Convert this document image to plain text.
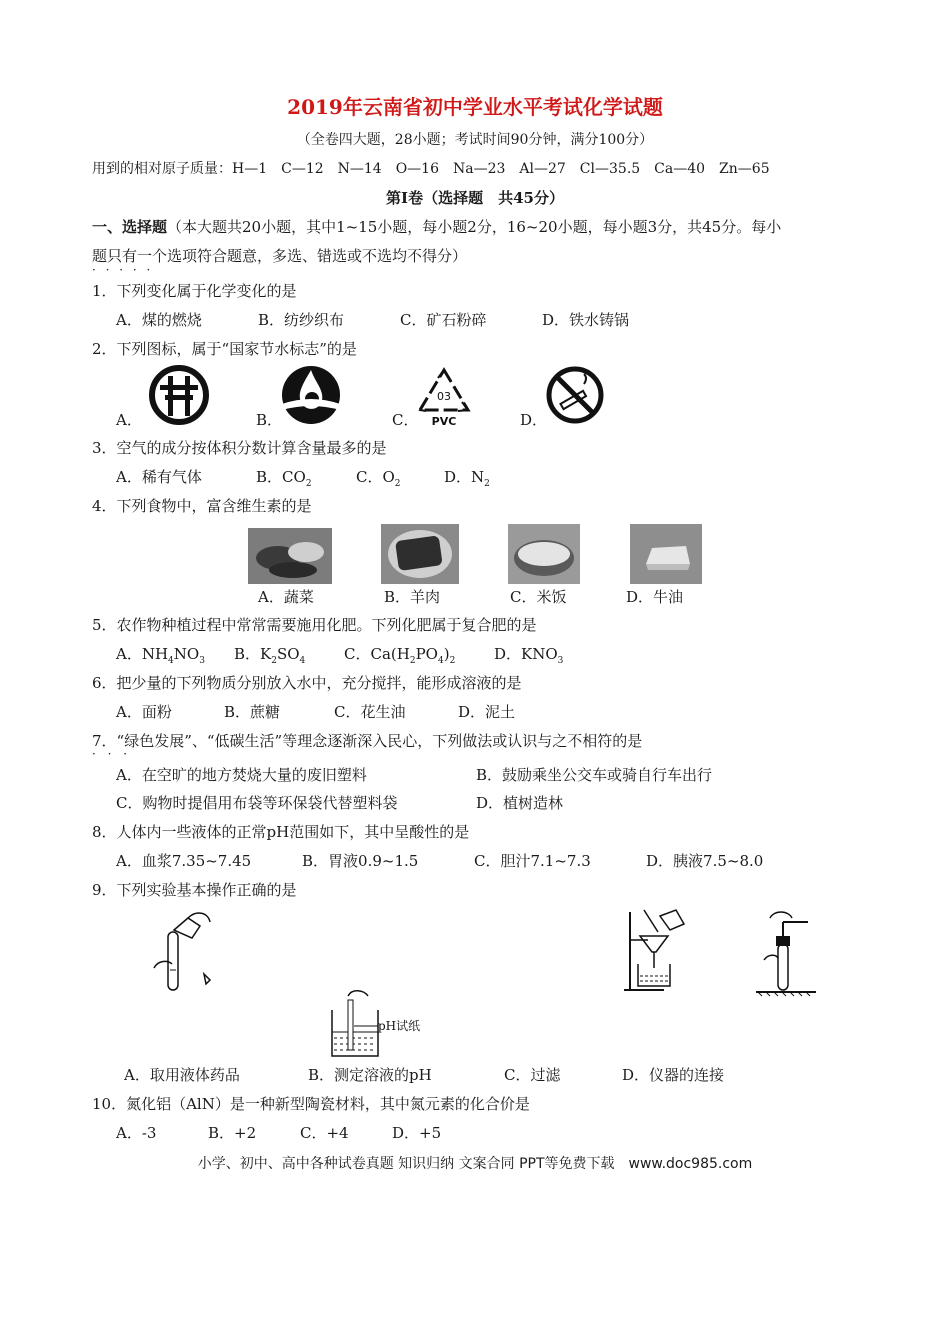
2019年云南省初中学业水平考试化学试题
（全卷四大题，28小题；考试时间90分钟，满分100分）
用到的相对原子质量：H—1　C—12　N—14　O—16　Na—23　Al—27　Cl—35.5　Ca—40　Zn—65
第Ⅰ卷（选择题　共45分）
一、选择题（本大题共20小题，其中1~15小题，每小题2分，16~20小题，每小题3分，共45分。每小
题只有一个 · · ·选项符合题意，多选、错选或不选均不得分）
1．下列变化属于化学变化的是
A．煤的燃烧	B．纺纱织布	C．矿石粉碎	D．铁水铸锅
2．下列图标，属于“国家节水标志”的是
A．	B．	C．	D．
03
PVC
3．空气的成分按体积分数计算含量最多的是
A．稀有气体	B．$CO_2$	C．$O_2$	D．$N_2$
4．下列食物中，富含维生素的是
A．蔬菜	B．羊肉	C．米饭	D．牛油
5．农作物种植过程中常常需要施用化肥。下列化肥属于复合肥的是
A．$NH_4NO_3$ B．$K_2SO_4$	C．$Ca(H_2PO_4)_2$	D．$KNO_3$
6．把少量的下列物质分别放入水中，充分搅拌，能形成溶液的是
A．面粉	B．蔗糖	C．花生油	D．泥土
7．“绿色发展”、“低碳生活”等理念逐渐深入民心，下列做法或认识与之不相符 · · ·的是
A．在空旷的地方焚烧大量的废旧塑料	B．鼓励乘坐公交车或骑自行车出行
C．购物时提倡用布袋等环保袋代替塑料袋	D．植树造林
8．人体内一些液体的正常pH范围如下，其中呈酸性的是
A．血浆7.35~7.45	B．胃液0.9~1.5	C．胆汁7.1~7.3	D．胰液7.5~8.0
9．下列实验基本操作正确的是
pH试纸
A．取用液体药品	B．测定溶液的pH	C．过滤	D．仪器的连接
10．氮化铝（AlN）是一种新型陶瓷材料，其中氮元素的化合价是
A．-3	B．+2	C．+4	D．+5
小学、初中、高中各种试卷真题 知识归纳 文案合同 PPT等免费下载　www.doc985.com
